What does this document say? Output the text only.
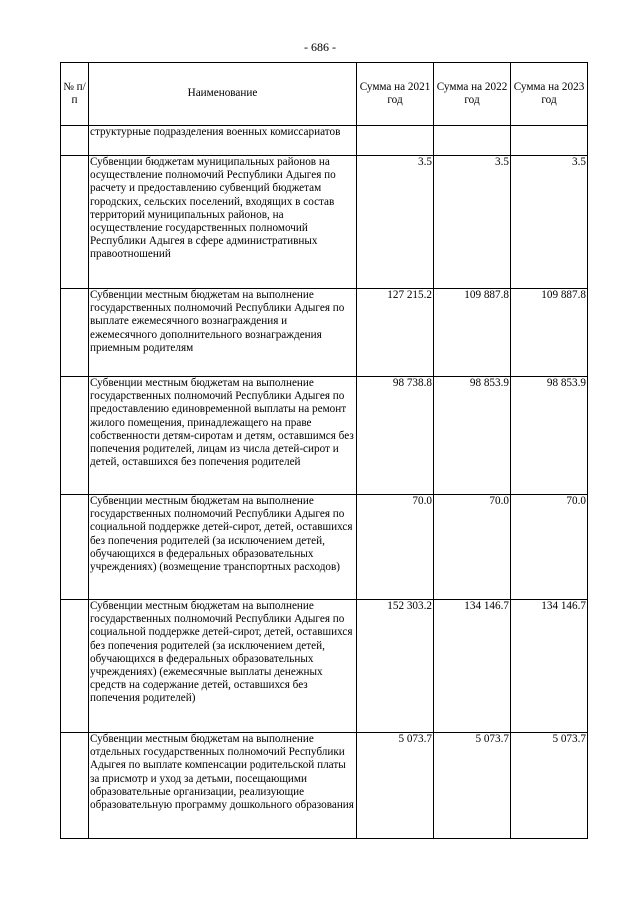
- 686 -
№ п/п	Наименование	Сумма на 2021 год	Сумма на 2022 год	Сумма на 2023 год
	структурные подразделения военных комиссариатов			
	Субвенции бюджетам муниципальных районов на осуществление полномочий Республики Адыгея по расчету и предоставлению субвенций бюджетам городских, сельских поселений, входящих в состав территорий муниципальных районов, на осуществление государственных полномочий Республики Адыгея в сфере административных правоотношений	3.5	3.5	3.5
	Субвенции местным бюджетам на выполнение государственных полномочий Республики Адыгея по выплате ежемесячного вознаграждения и ежемесячного дополнительного вознаграждения приемным родителям	127 215.2	109 887.8	109 887.8
	Субвенции местным бюджетам на выполнение государственных полномочий Республики Адыгея по предоставлению единовременной выплаты на ремонт жилого помещения, принадлежащего на праве собственности детям-сиротам и детям, оставшимся без попечения родителей, лицам из числа детей-сирот и детей, оставшихся без попечения родителей	98 738.8	98 853.9	98 853.9
	Субвенции местным бюджетам на выполнение государственных полномочий Республики Адыгея по социальной поддержке детей-сирот, детей, оставшихся без попечения родителей (за исключением детей, обучающихся в федеральных образовательных учреждениях) (возмещение транспортных расходов)	70.0	70.0	70.0
	Субвенции местным бюджетам на выполнение государственных полномочий Республики Адыгея по социальной поддержке детей-сирот, детей, оставшихся без попечения родителей (за исключением детей, обучающихся в федеральных образовательных учреждениях) (ежемесячные выплаты денежных средств на содержание детей, оставшихся без попечения родителей)	152 303.2	134 146.7	134 146.7
	Субвенции местным бюджетам на выполнение отдельных государственных полномочий Республики Адыгея по выплате компенсации родительской платы за присмотр и уход за детьми, посещающими образовательные организации, реализующие образовательную программу дошкольного образования	5 073.7	5 073.7	5 073.7
